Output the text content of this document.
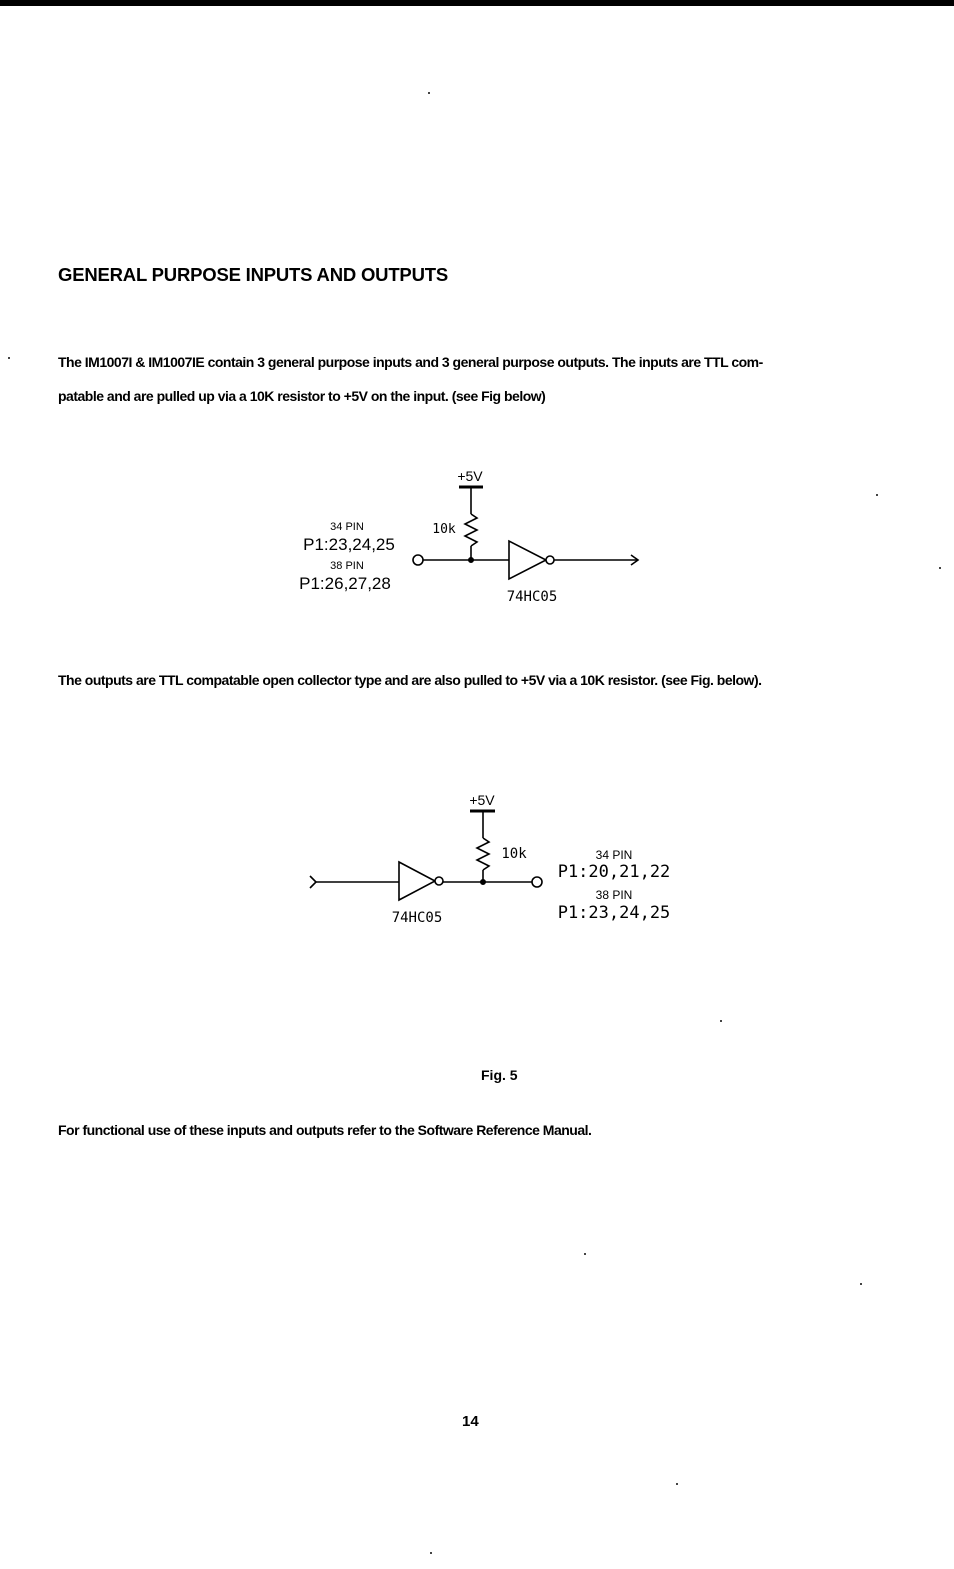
GENERAL PURPOSE INPUTS AND OUTPUTS
The IM1007I & IM1007IE contain 3 general purpose inputs and 3 general purpose outputs. The inputs are TTL com-
patable and are pulled up via a 10K resistor to +5V on the input. (see Fig below)
+5V
10k
34 PIN
P1:23,24,25
38 PIN
P1:26,27,28
74HC05
+5V
10k	34 PIN
P1:20,21,22
38 PIN
P1:23,24,25
74HC05
The outputs are TTL compatable open collector type and are also pulled to +5V via a 10K resistor. (see Fig. below).
Fig. 5
For functional use of these inputs and outputs refer to the Software Reference Manual.
14
